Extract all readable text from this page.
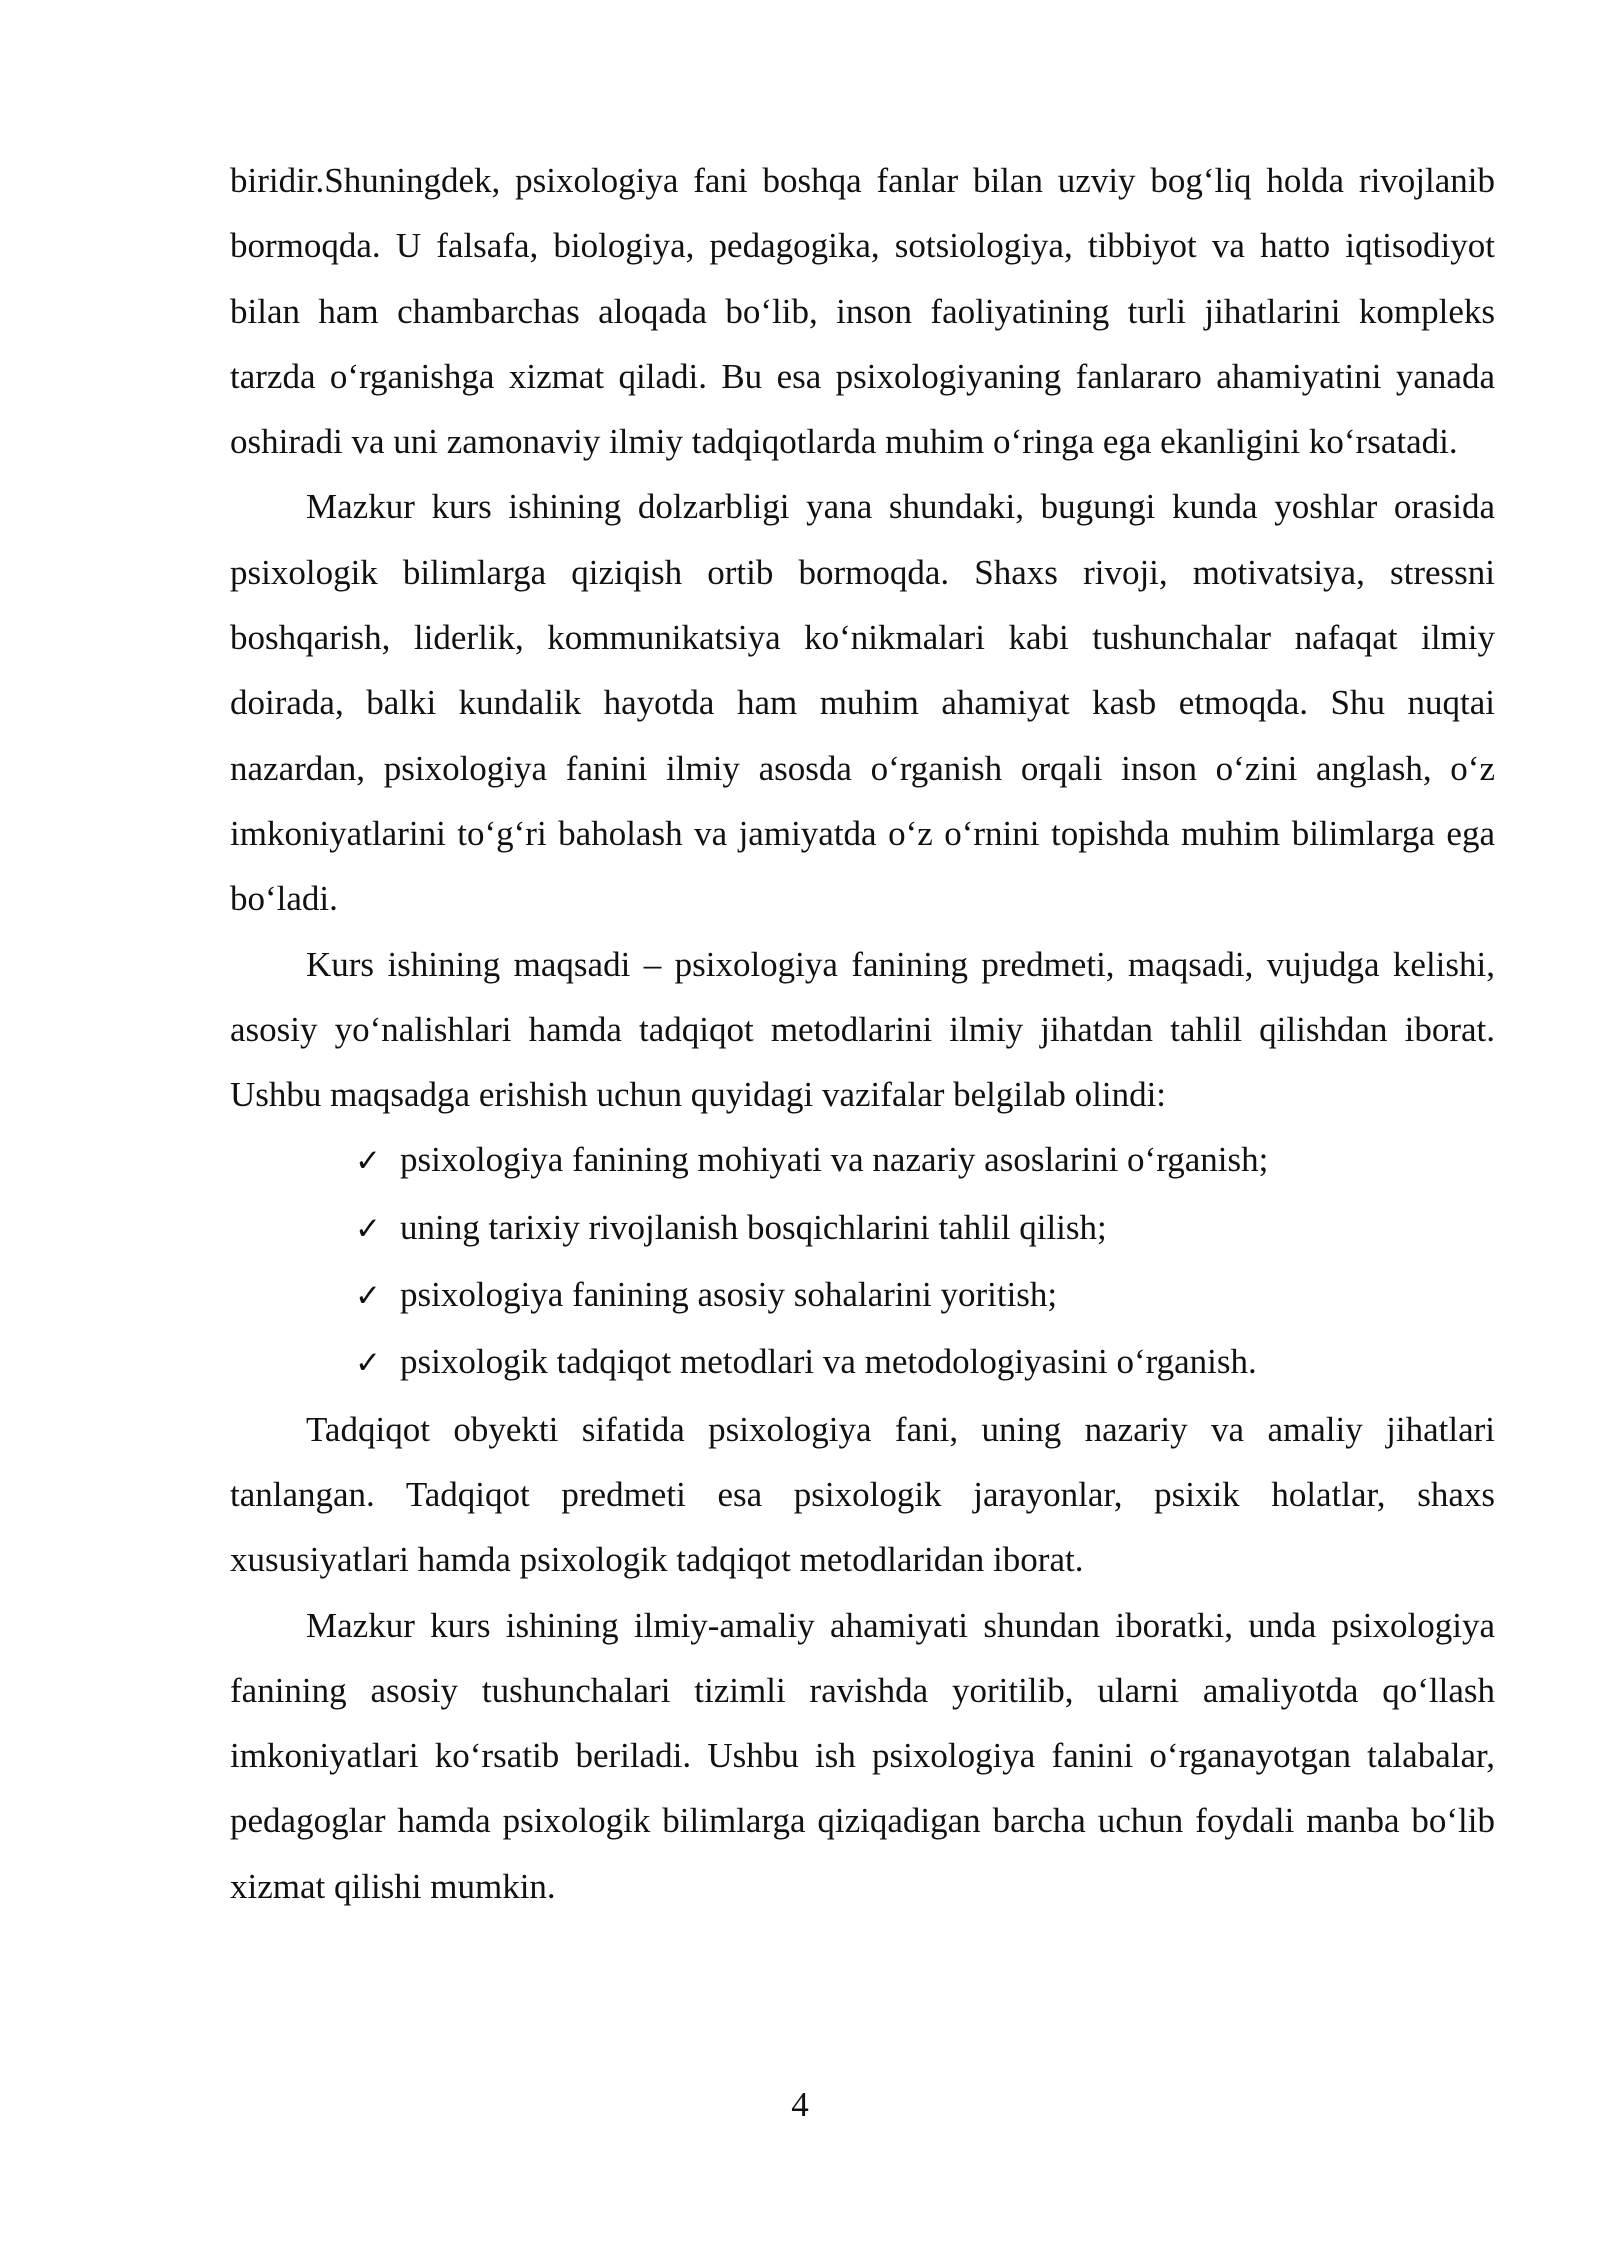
biridir.Shuningdek, psixologiya fani boshqa fanlar bilan uzviy bog‘liq holda rivojlanib bormoqda. U falsafa, biologiya, pedagogika, sotsiologiya, tibbiyot va hatto iqtisodiyot bilan ham chambarchas aloqada bo‘lib, inson faoliyatining turli jihatlarini kompleks tarzda o‘rganishga xizmat qiladi. Bu esa psixologiyaning fanlararo ahamiyatini yanada oshiradi va uni zamonaviy ilmiy tadqiqotlarda muhim o‘ringa ega ekanligini ko‘rsatadi.

Mazkur kurs ishining dolzarbligi yana shundaki, bugungi kunda yoshlar orasida psixologik bilimlarga qiziqish ortib bormoqda. Shaxs rivoji, motivatsiya, stressni boshqarish, liderlik, kommunikatsiya ko‘nikmalari kabi tushunchalar nafaqat ilmiy doirada, balki kundalik hayotda ham muhim ahamiyat kasb etmoqda. Shu nuqtai nazardan, psixologiya fanini ilmiy asosda o‘rganish orqali inson o‘zini anglash, o‘z imkoniyatlarini to‘g‘ri baholash va jamiyatda o‘z o‘rnini topishda muhim bilimlarga ega bo‘ladi.

Kurs ishining maqsadi – psixologiya fanining predmeti, maqsadi, vujudga kelishi, asosiy yo‘nalishlari hamda tadqiqot metodlarini ilmiy jihatdan tahlil qilishdan iborat. Ushbu maqsadga erishish uchun quyidagi vazifalar belgilab olindi:

✓ psixologiya fanining mohiyati va nazariy asoslarini o‘rganish;
✓ uning tarixiy rivojlanish bosqichlarini tahlil qilish;
✓ psixologiya fanining asosiy sohalarini yoritish;
✓ psixologik tadqiqot metodlari va metodologiyasini o‘rganish.

Tadqiqot obyekti sifatida psixologiya fani, uning nazariy va amaliy jihatlari tanlangan. Tadqiqot predmeti esa psixologik jarayonlar, psixik holatlar, shaxs xususiyatlari hamda psixologik tadqiqot metodlaridan iborat.

Mazkur kurs ishining ilmiy-amaliy ahamiyati shundan iboratki, unda psixologiya fanining asosiy tushunchalari tizimli ravishda yoritilib, ularni amaliyotda qo‘llash imkoniyatlari ko‘rsatib beriladi. Ushbu ish psixologiya fanini o‘rganayotgan talabalar, pedagoglar hamda psixologik bilimlarga qiziqadigan barcha uchun foydali manba bo‘lib xizmat qilishi mumkin.

4
